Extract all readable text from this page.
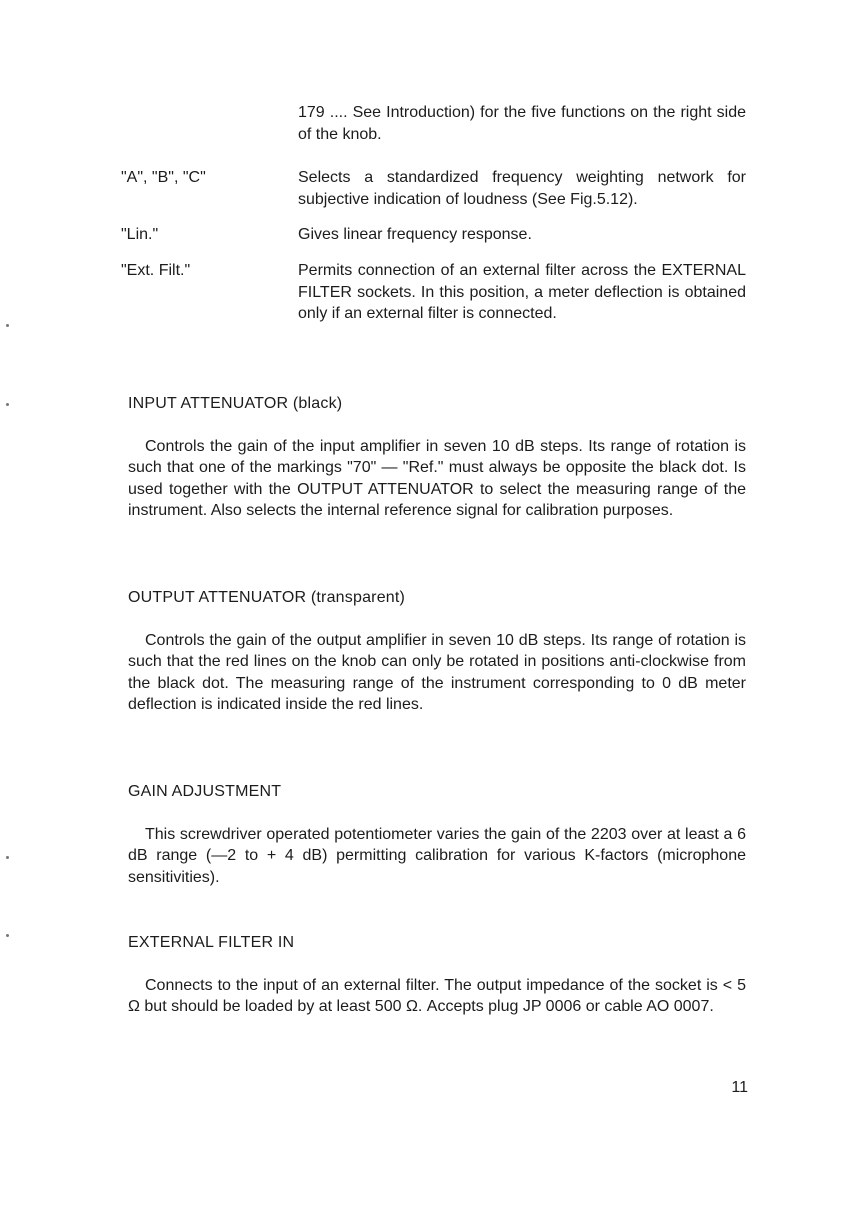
179 .... See Introduction) for the five functions on the right side of the knob.

"A", "B", "C"	Selects a standardized frequency weighting network for subjective indication of loudness (See Fig.5.12).
"Lin."	Gives linear frequency response.
"Ext. Filt."	Permits connection of an external filter across the EXTERNAL FILTER sockets. In this position, a meter deflection is obtained only if an external filter is connected.
INPUT ATTENUATOR (black)

Controls the gain of the input amplifier in seven 10 dB steps. Its range of rotation is such that one of the markings "70" — "Ref." must always be opposite the black dot. Is used together with the OUTPUT ATTENUATOR to select the measuring range of the instrument. Also selects the internal reference signal for calibration purposes.

OUTPUT ATTENUATOR (transparent)

Controls the gain of the output amplifier in seven 10 dB steps. Its range of rotation is such that the red lines on the knob can only be rotated in positions anti-clockwise from the black dot. The measuring range of the instrument corresponding to 0 dB meter deflection is indicated inside the red lines.

GAIN ADJUSTMENT

This screwdriver operated potentiometer varies the gain of the 2203 over at least a 6 dB range (—2 to + 4 dB) permitting calibration for various K-factors (microphone sensitivities).

EXTERNAL FILTER IN

Connects to the input of an external filter. The output impedance of the socket is < 5 Ω but should be loaded by at least 500 Ω. Accepts plug JP 0006 or cable AO 0007.

11
